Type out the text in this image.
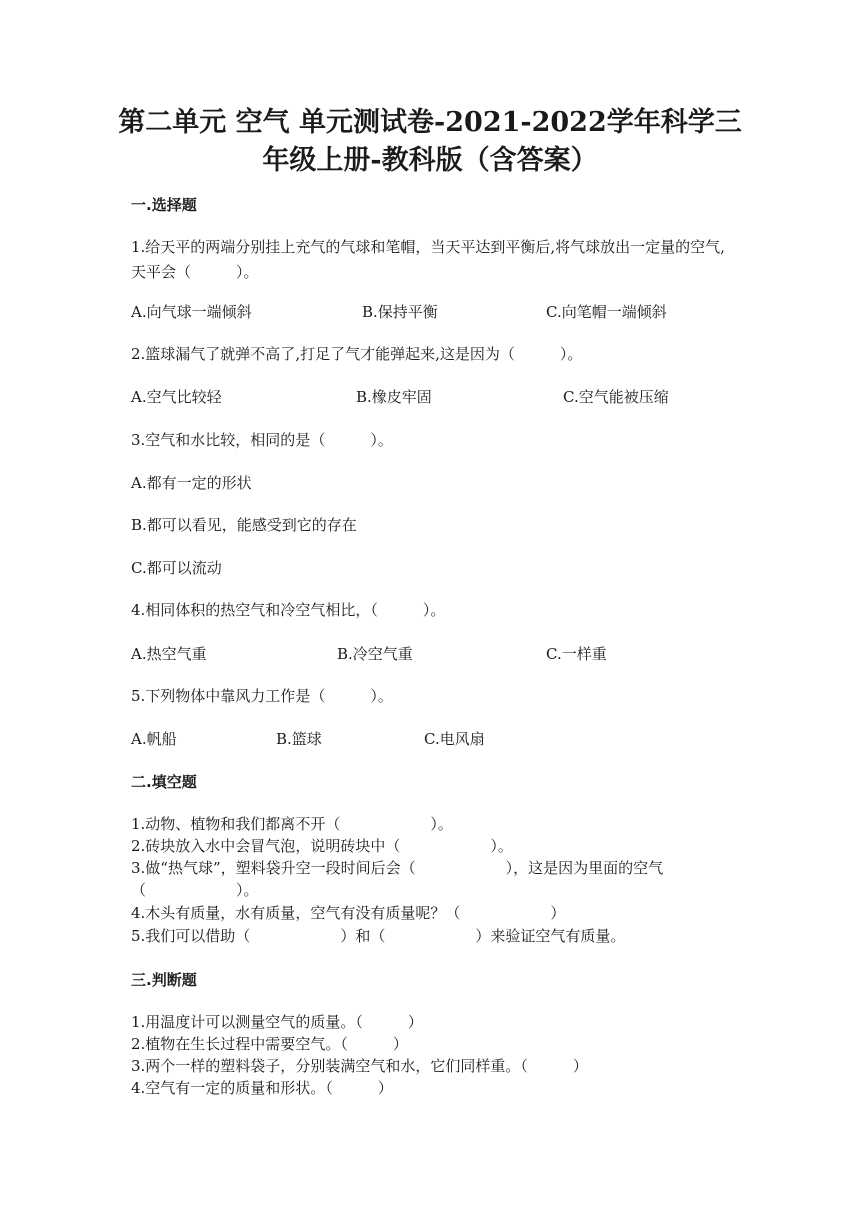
第二单元 空气 单元测试卷-2021-2022学年科学三
年级上册-教科版（含答案）
一.选择题
1.给天平的两端分别挂上充气的气球和笔帽，当天平达到平衡后,将气球放出一定量的空气,天平会（　　　）。
A.向气球一端倾斜	B.保持平衡	C.向笔帽一端倾斜
2.篮球漏气了就弹不高了,打足了气才能弹起来,这是因为（　　　）。
A.空气比较轻	B.橡皮牢固	C.空气能被压缩
3.空气和水比较，相同的是（　　　）。
A.都有一定的形状
B.都可以看见，能感受到它的存在
C.都可以流动
4.相同体积的热空气和冷空气相比，（　　　）。
A.热空气重	B.冷空气重	C.一样重
5.下列物体中靠风力工作是（　　　）。
A.帆船	B.篮球	C.电风扇
二.填空题
1.动物、植物和我们都离不开（　　　　　　）。
2.砖块放入水中会冒气泡，说明砖块中（　　　　　　）。
3.做“热气球”，塑料袋升空一段时间后会（　　　　　　），这是因为里面的空气（　　　　　　）。
4.木头有质量，水有质量，空气有没有质量呢？（　　　　　　）
5.我们可以借助（　　　　　　）和（　　　　　　）来验证空气有质量。
三.判断题
1.用温度计可以测量空气的质量。（　　　）
2.植物在生长过程中需要空气。（　　　）
3.两个一样的塑料袋子，分别装满空气和水，它们同样重。（　　　）
4.空气有一定的质量和形状。（　　　）
